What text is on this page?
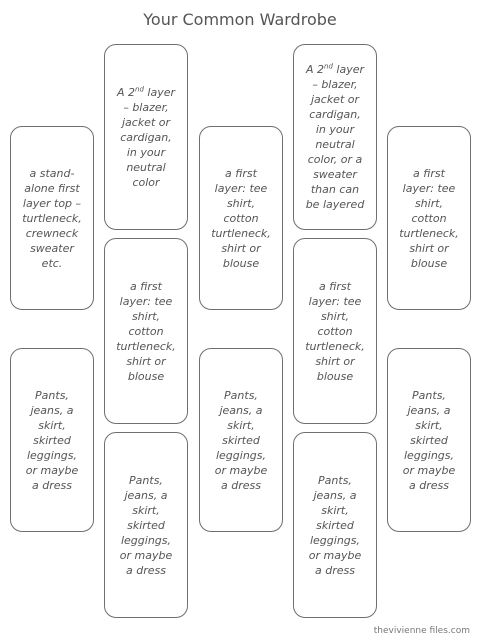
Your Common Wardrobe
a stand-
alone first
layer top –
turtleneck,
crewneck
sweater
etc.
Pants,
jeans, a
skirt,
skirted
leggings,
or maybe
a dress
A 2nd layer
– blazer,
jacket or
cardigan,
in your
neutral
color
a first
layer: tee
shirt,
cotton
turtleneck,
shirt or
blouse
Pants,
jeans, a
skirt,
skirted
leggings,
or maybe
a dress
a first
layer: tee
shirt,
cotton
turtleneck,
shirt or
blouse
Pants,
jeans, a
skirt,
skirted
leggings,
or maybe
a dress
A 2nd layer
– blazer,
jacket or
cardigan,
in your
neutral
color, or a
sweater
than can
be layered
a first
layer: tee
shirt,
cotton
turtleneck,
shirt or
blouse
Pants,
jeans, a
skirt,
skirted
leggings,
or maybe
a dress
a first
layer: tee
shirt,
cotton
turtleneck,
shirt or
blouse
Pants,
jeans, a
skirt,
skirted
leggings,
or maybe
a dress
thevivienne files.com
